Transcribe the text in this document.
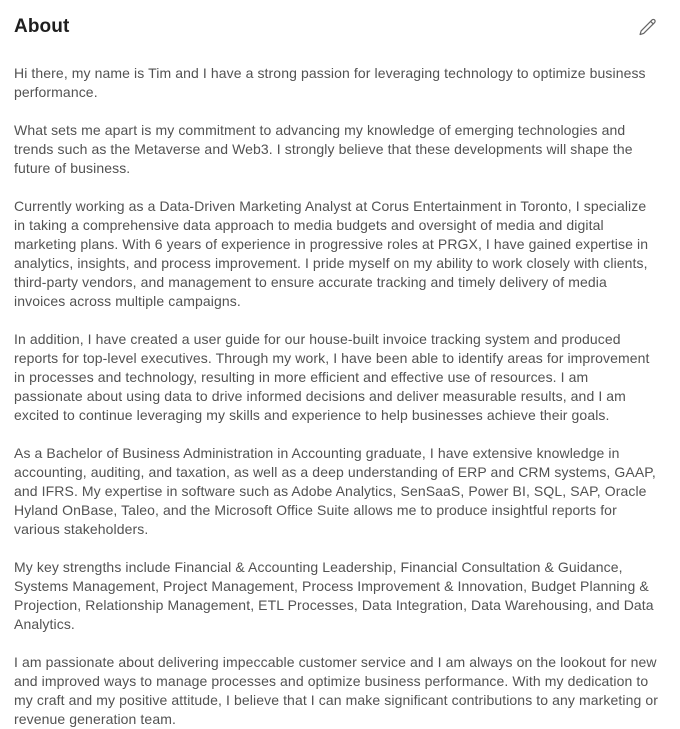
About

Hi there, my name is Tim and I have a strong passion for leveraging technology to optimize business performance.

What sets me apart is my commitment to advancing my knowledge of emerging technologies and trends such as the Metaverse and Web3. I strongly believe that these developments will shape the future of business.

Currently working as a Data-Driven Marketing Analyst at Corus Entertainment in Toronto, I specialize in taking a comprehensive data approach to media budgets and oversight of media and digital marketing plans. With 6 years of experience in progressive roles at PRGX, I have gained expertise in analytics, insights, and process improvement. I pride myself on my ability to work closely with clients, third-party vendors, and management to ensure accurate tracking and timely delivery of media invoices across multiple campaigns.

In addition, I have created a user guide for our house-built invoice tracking system and produced reports for top-level executives. Through my work, I have been able to identify areas for improvement in processes and technology, resulting in more efficient and effective use of resources. I am passionate about using data to drive informed decisions and deliver measurable results, and I am excited to continue leveraging my skills and experience to help businesses achieve their goals.

As a Bachelor of Business Administration in Accounting graduate, I have extensive knowledge in accounting, auditing, and taxation, as well as a deep understanding of ERP and CRM systems, GAAP, and IFRS. My expertise in software such as Adobe Analytics, SenSaaS, Power BI, SQL, SAP, Oracle Hyland OnBase, Taleo, and the Microsoft Office Suite allows me to produce insightful reports for various stakeholders.

My key strengths include Financial & Accounting Leadership, Financial Consultation & Guidance, Systems Management, Project Management, Process Improvement & Innovation, Budget Planning & Projection, Relationship Management, ETL Processes, Data Integration, Data Warehousing, and Data Analytics.

I am passionate about delivering impeccable customer service and I am always on the lookout for new and improved ways to manage processes and optimize business performance. With my dedication to my craft and my positive attitude, I believe that I can make significant contributions to any marketing or revenue generation team.
